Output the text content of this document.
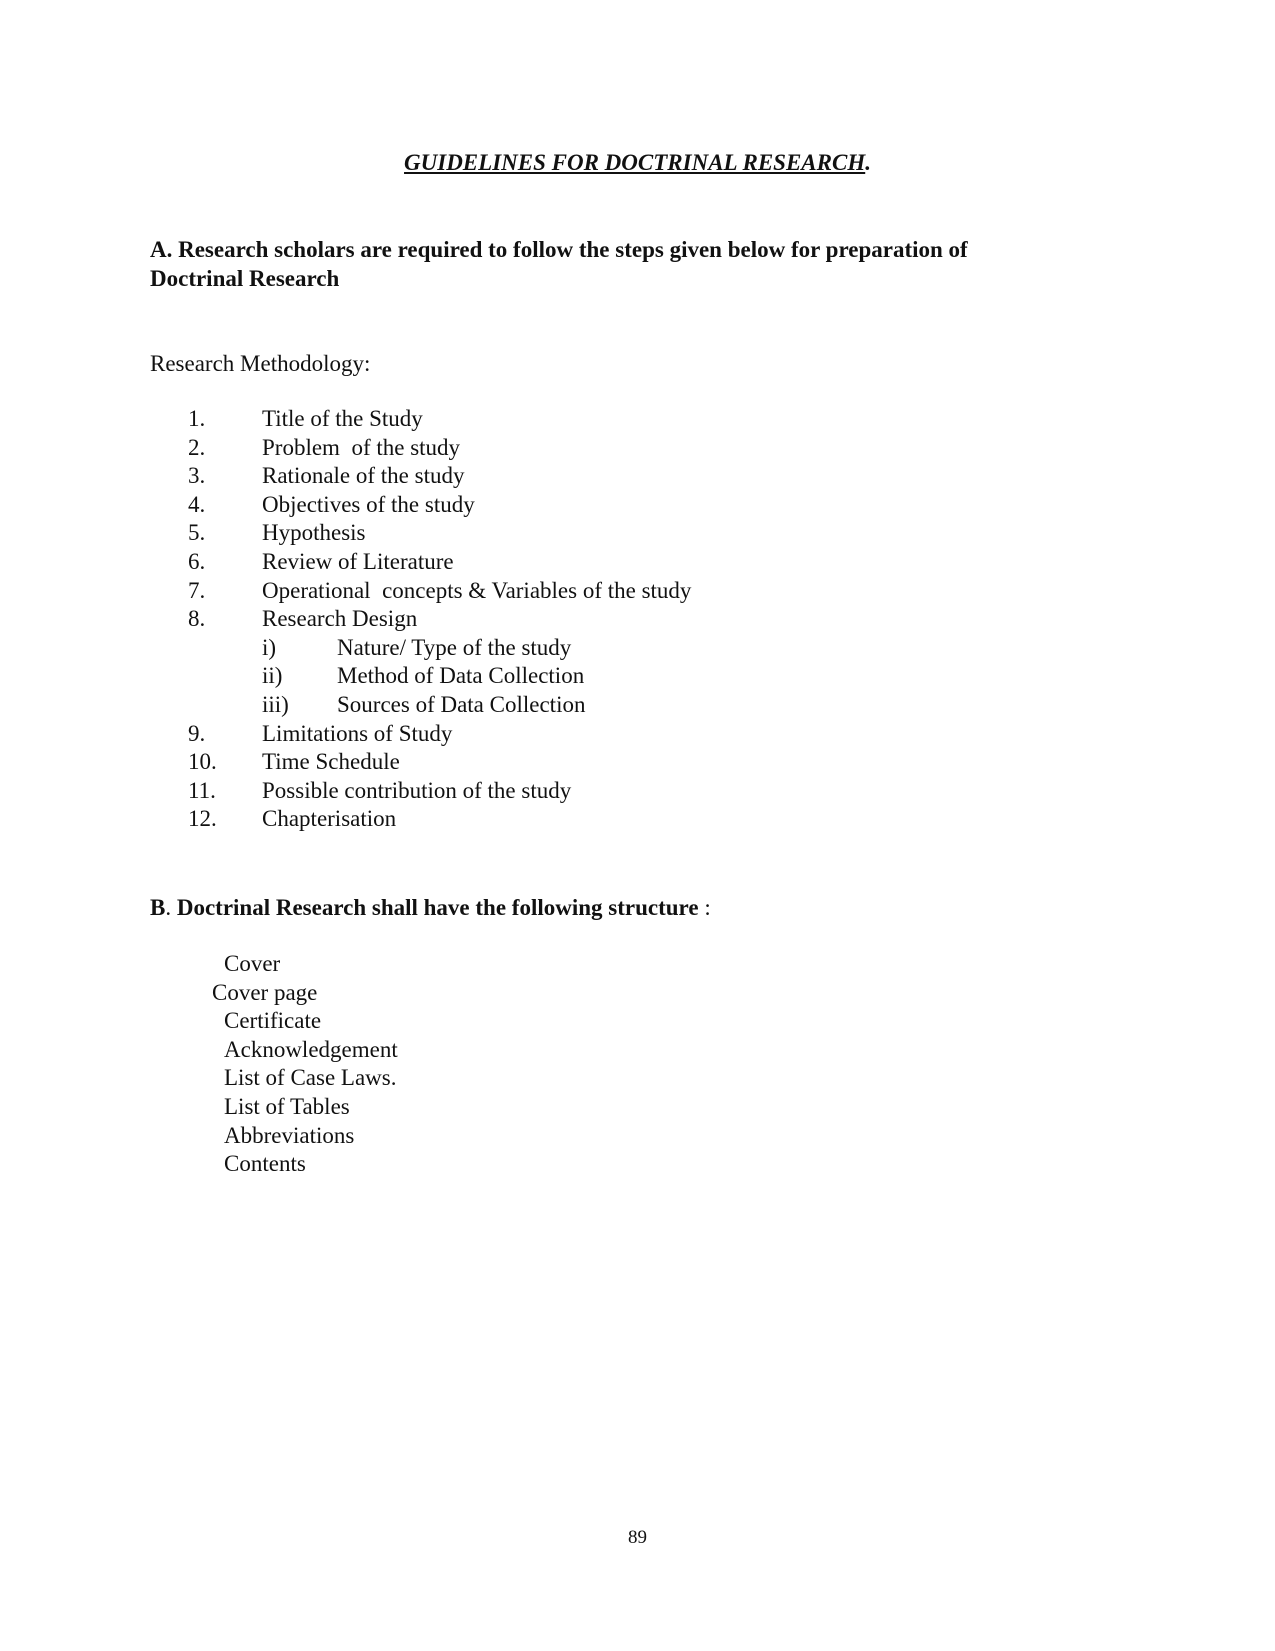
GUIDELINES FOR DOCTRINAL RESEARCH.
A. Research scholars are required to follow the steps given below for preparation of
Doctrinal Research
Research Methodology:
1.	Title of the Study
2.	Problem  of the study
3.	Rationale of the study
4.	Objectives of the study
5.	Hypothesis
6.	Review of Literature
7.	Operational  concepts & Variables of the study
8.	Research Design
i)	Nature/ Type of the study
ii)	Method of Data Collection
iii)	Sources of Data Collection
9.	Limitations of Study
10.	Time Schedule
11.	Possible contribution of the study
12.	Chapterisation
B. Doctrinal Research shall have the following structure :
Cover
Cover page
Certificate
Acknowledgement
List of Case Laws.
List of Tables
Abbreviations
Contents
89
